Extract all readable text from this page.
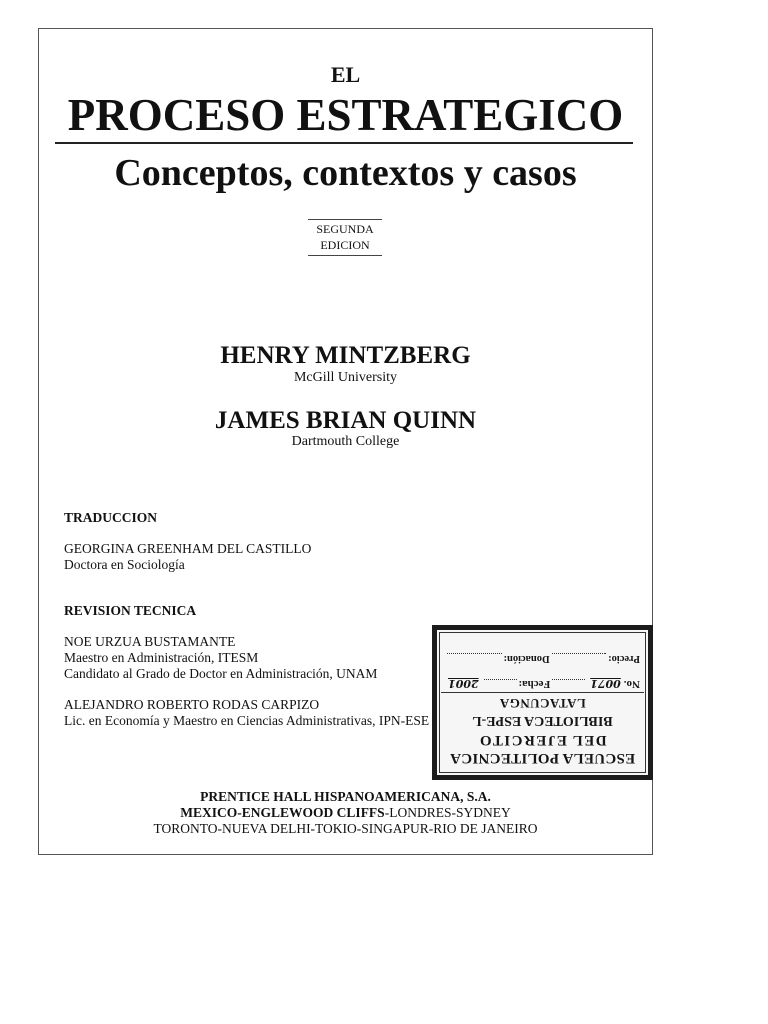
EL
PROCESO ESTRATEGICO
Conceptos, contextos y casos
SEGUNDA
EDICION
HENRY MINTZBERG
McGill University
JAMES BRIAN QUINN
Dartmouth College
TRADUCCION
GEORGINA GREENHAM DEL CASTILLO
Doctora en Sociología
REVISION TECNICA
NOE URZUA BUSTAMANTE
Maestro en Administración, ITESM
Candidato al Grado de Doctor en Administración, UNAM
ALEJANDRO ROBERTO RODAS CARPIZO
Lic. en Economía y Maestro en Ciencias Administrativas, IPN-ESE
ESCUELA POLITECNICA
DEL EJERCITO
BIBLIOTECA ESPE-L
LATACUNGA
No.
0071
Fecha:
2001
Precio:
Donación:
PRENTICE HALL HISPANOAMERICANA, S.A.
MEXICO-ENGLEWOOD CLIFFS-LONDRES-SYDNEY
TORONTO-NUEVA DELHI-TOKIO-SINGAPUR-RIO DE JANEIRO
